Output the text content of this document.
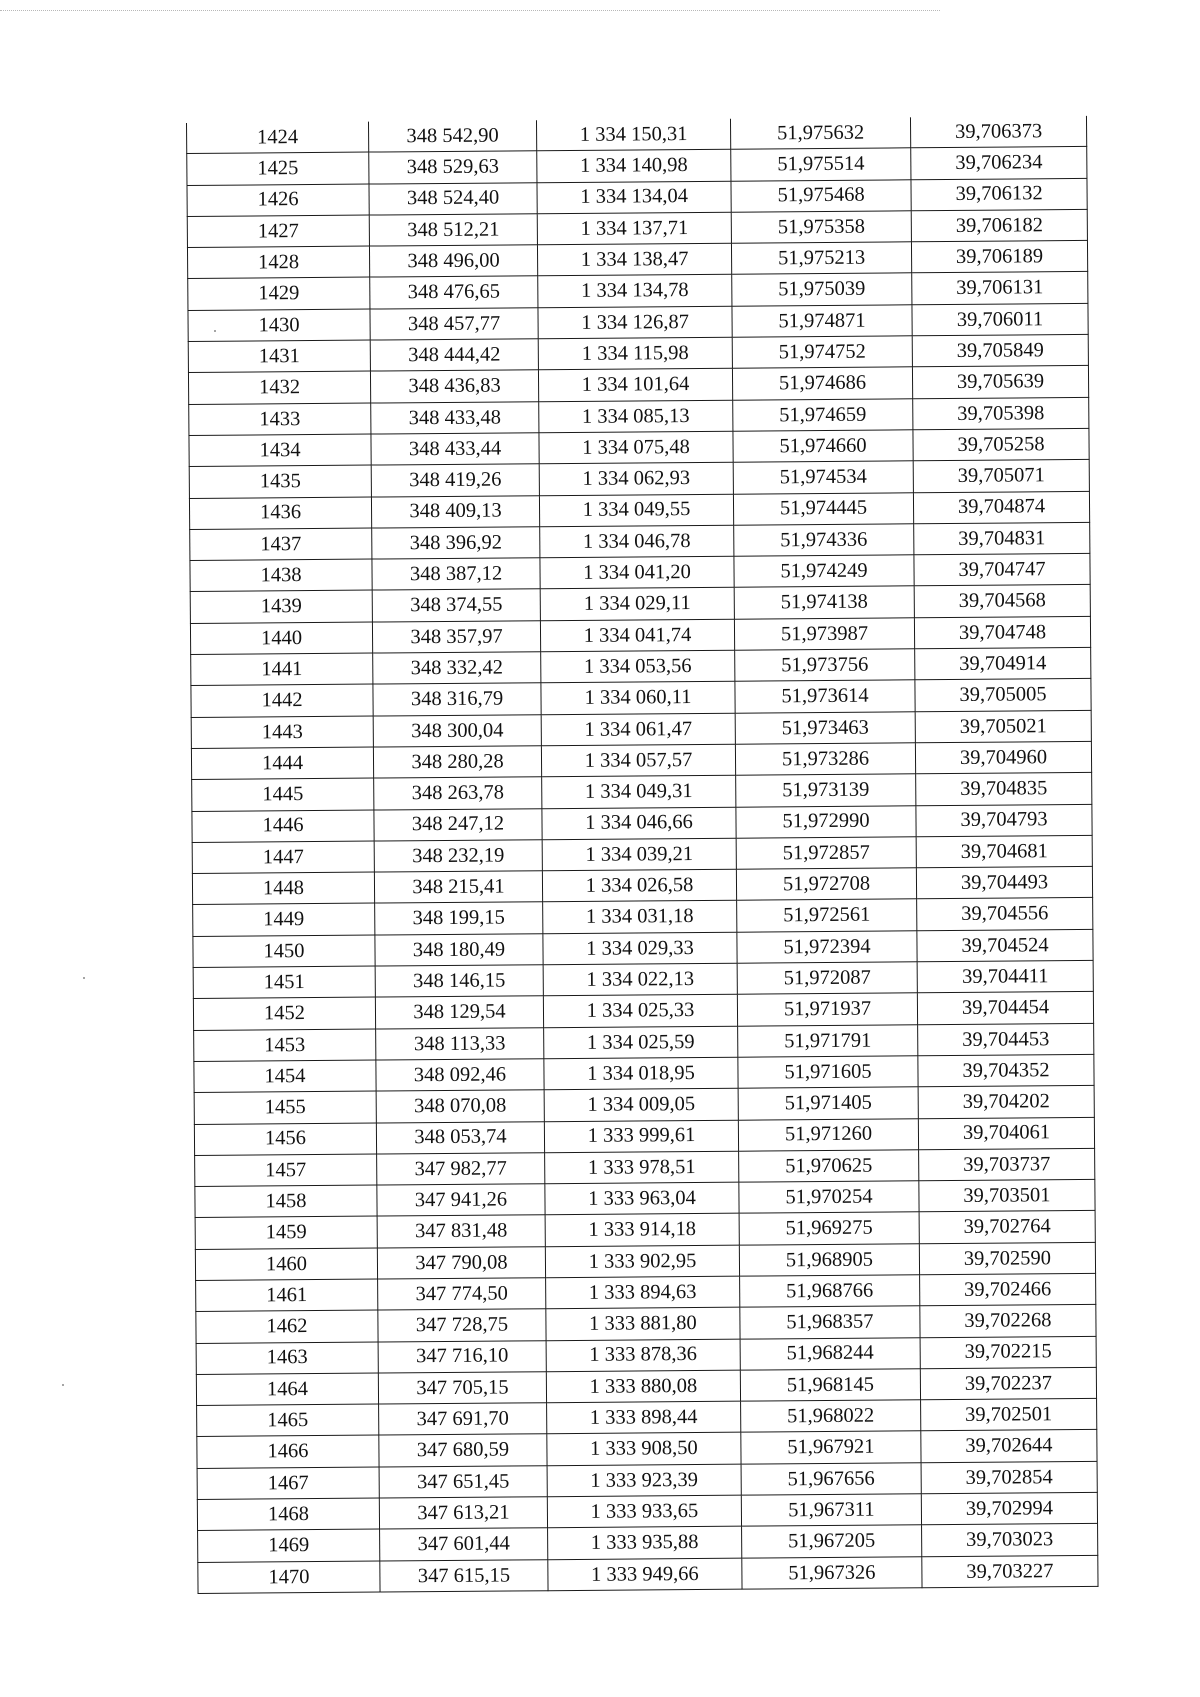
1424	348 542,90	1 334 150,31	51,975632	39,706373
1425	348 529,63	1 334 140,98	51,975514	39,706234
1426	348 524,40	1 334 134,04	51,975468	39,706132
1427	348 512,21	1 334 137,71	51,975358	39,706182
1428	348 496,00	1 334 138,47	51,975213	39,706189
1429	348 476,65	1 334 134,78	51,975039	39,706131
1430	348 457,77	1 334 126,87	51,974871	39,706011
1431	348 444,42	1 334 115,98	51,974752	39,705849
1432	348 436,83	1 334 101,64	51,974686	39,705639
1433	348 433,48	1 334 085,13	51,974659	39,705398
1434	348 433,44	1 334 075,48	51,974660	39,705258
1435	348 419,26	1 334 062,93	51,974534	39,705071
1436	348 409,13	1 334 049,55	51,974445	39,704874
1437	348 396,92	1 334 046,78	51,974336	39,704831
1438	348 387,12	1 334 041,20	51,974249	39,704747
1439	348 374,55	1 334 029,11	51,974138	39,704568
1440	348 357,97	1 334 041,74	51,973987	39,704748
1441	348 332,42	1 334 053,56	51,973756	39,704914
1442	348 316,79	1 334 060,11	51,973614	39,705005
1443	348 300,04	1 334 061,47	51,973463	39,705021
1444	348 280,28	1 334 057,57	51,973286	39,704960
1445	348 263,78	1 334 049,31	51,973139	39,704835
1446	348 247,12	1 334 046,66	51,972990	39,704793
1447	348 232,19	1 334 039,21	51,972857	39,704681
1448	348 215,41	1 334 026,58	51,972708	39,704493
1449	348 199,15	1 334 031,18	51,972561	39,704556
1450	348 180,49	1 334 029,33	51,972394	39,704524
1451	348 146,15	1 334 022,13	51,972087	39,704411
1452	348 129,54	1 334 025,33	51,971937	39,704454
1453	348 113,33	1 334 025,59	51,971791	39,704453
1454	348 092,46	1 334 018,95	51,971605	39,704352
1455	348 070,08	1 334 009,05	51,971405	39,704202
1456	348 053,74	1 333 999,61	51,971260	39,704061
1457	347 982,77	1 333 978,51	51,970625	39,703737
1458	347 941,26	1 333 963,04	51,970254	39,703501
1459	347 831,48	1 333 914,18	51,969275	39,702764
1460	347 790,08	1 333 902,95	51,968905	39,702590
1461	347 774,50	1 333 894,63	51,968766	39,702466
1462	347 728,75	1 333 881,80	51,968357	39,702268
1463	347 716,10	1 333 878,36	51,968244	39,702215
1464	347 705,15	1 333 880,08	51,968145	39,702237
1465	347 691,70	1 333 898,44	51,968022	39,702501
1466	347 680,59	1 333 908,50	51,967921	39,702644
1467	347 651,45	1 333 923,39	51,967656	39,702854
1468	347 613,21	1 333 933,65	51,967311	39,702994
1469	347 601,44	1 333 935,88	51,967205	39,703023
1470	347 615,15	1 333 949,66	51,967326	39,703227
